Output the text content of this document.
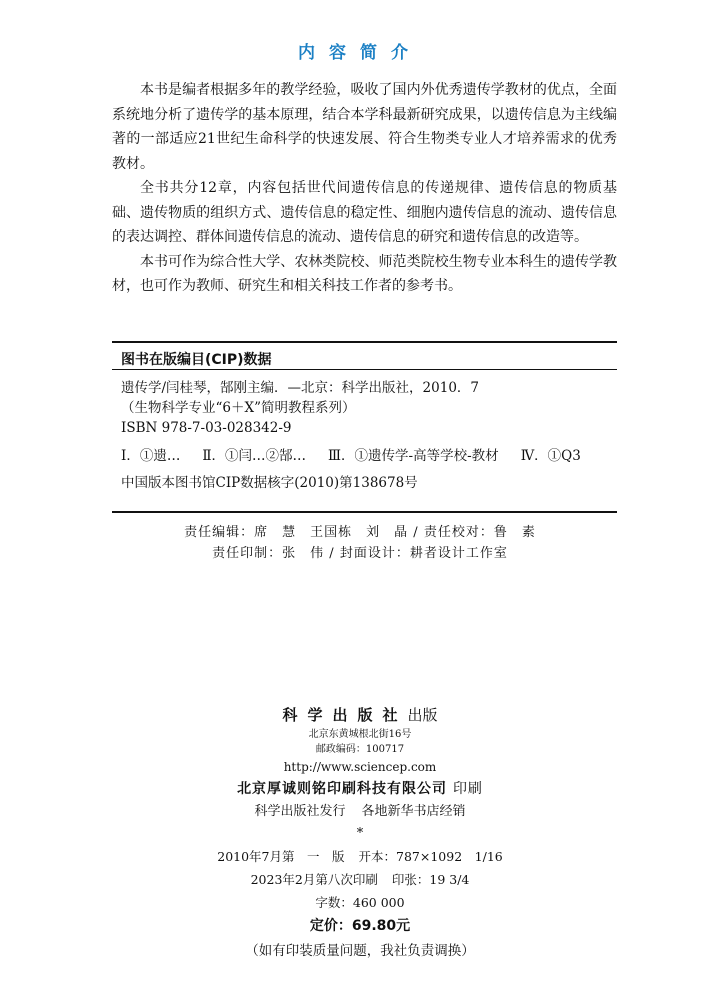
内容简介

本书是编者根据多年的教学经验，吸收了国内外优秀遗传学教材的优点，全面系统地分析了遗传学的基本原理，结合本学科最新研究成果，以遗传信息为主线编著的一部适应21世纪生命科学的快速发展、符合生物类专业人才培养需求的优秀教材。

全书共分12章，内容包括世代间遗传信息的传递规律、遗传信息的物质基础、遗传物质的组织方式、遗传信息的稳定性、细胞内遗传信息的流动、遗传信息的表达调控、群体间遗传信息的流动、遗传信息的研究和遗传信息的改造等。

本书可作为综合性大学、农林类院校、师范类院校生物专业本科生的遗传学教材，也可作为教师、研究生和相关科技工作者的参考书。

图书在版编目(CIP)数据
遗传学/闫桂琴，郜刚主编．—北京：科学出版社，2010．7
（生物科学专业“6＋X”简明教程系列）
ISBN 978-7-03-028342-9
Ⅰ．①遗… Ⅱ．①闫…②郜… Ⅲ．①遗传学-高等学校-教材 Ⅳ．①Q3
中国版本图书馆CIP数据核字(2010)第138678号
责任编辑：席　慧　王国栋　刘　晶 / 责任校对：鲁　素
责任印制：张　伟 / 封面设计：耕者设计工作室
科学出版社出版
北京东黄城根北街16号
邮政编码：100717
http://www.sciencep.com
北京厚诚则铭印刷科技有限公司 印刷
科学出版社发行 各地新华书店经销
*
2010年7月第　一　版 开本：787×1092　1/16
2023年2月第八次印刷 印张：19 3/4
字数：460 000
定价：69.80元
（如有印装质量问题，我社负责调换）
